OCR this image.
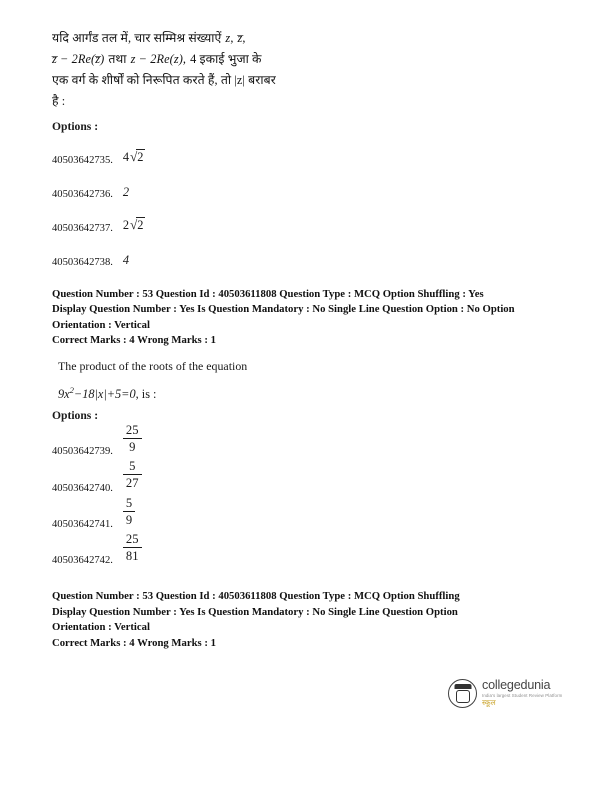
यदि आर्गंड तल में, चार सम्मिश्र संख्याऐं z, z̅,
z̅ − 2Re(z̅) तथा z − 2Re(z), 4 इकाई भुजा के
एक वर्ग के शीर्षों को निरूपित करते हैं, तो |z| बराबर
है :
Options :
40503642735. 4√2
40503642736. 2
40503642737. 2√2
40503642738. 4
Question Number : 53 Question Id : 40503611808 Question Type : MCQ Option Shuffling : Yes
Display Question Number : Yes Is Question Mandatory : No Single Line Question Option : No Option
Orientation : Vertical
Correct Marks : 4 Wrong Marks : 1
The product of the roots of the equation
$9x^2-18|x|+5=0$, is :
Options :
40503642739. $\frac{25}{9}$
40503642740. $\frac{5}{27}$
40503642741. $\frac{5}{9}$
40503642742. $\frac{25}{81}$
Question Number : 53 Question Id : 40503611808 Question Type : MCQ Option Shuffling
Display Question Number : Yes Is Question Mandatory : No Single Line Question Option
Orientation : Vertical
Correct Marks : 4 Wrong Marks : 1
collegedunia
India's largest Student Review Platform
स्कूल
